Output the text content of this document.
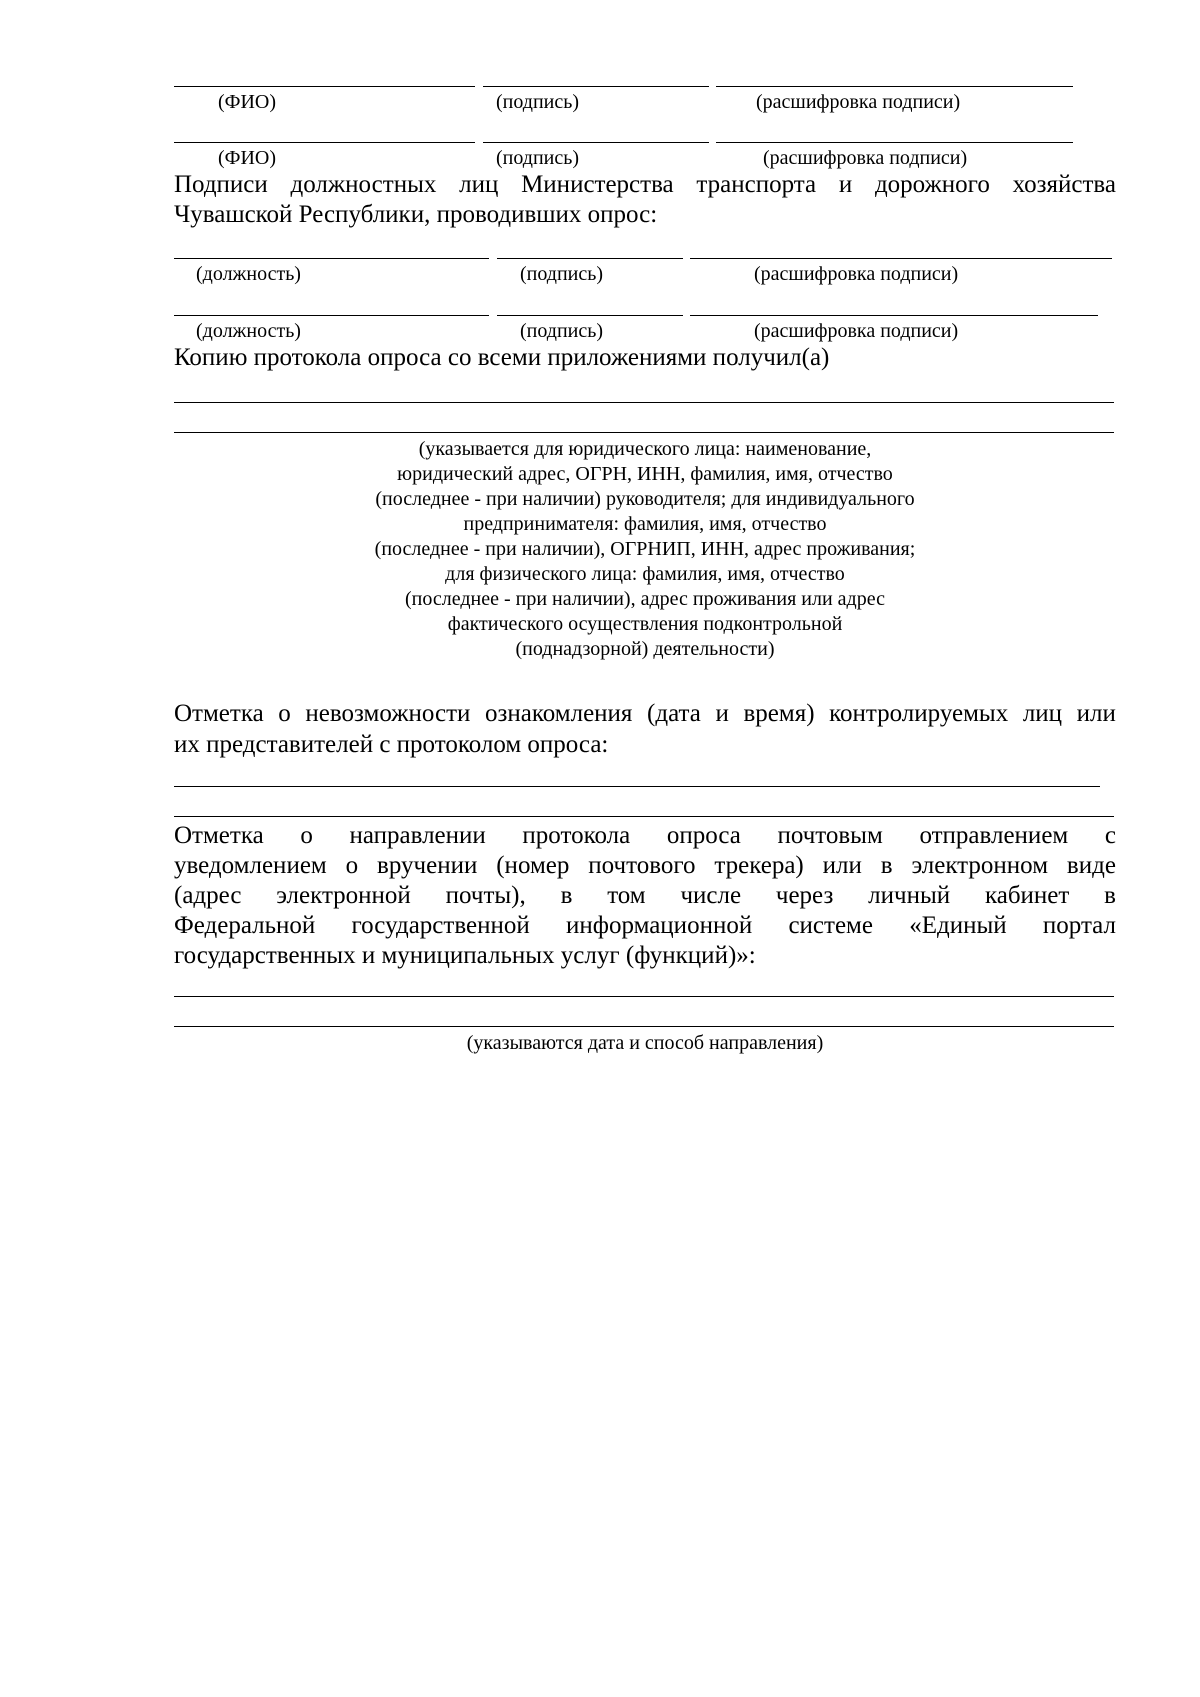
(ФИО)	(подпись)	(расшифровка подписи)
(ФИО)	(подпись)	(расшифровка подписи)
Подписи должностных лиц Министерства транспорта и дорожного хозяйства
Чувашской Республики, проводивших опрос:
(должность)	(подпись)	(расшифровка подписи)
(должность)	(подпись)	(расшифровка подписи)
Копию протокола опроса со всеми приложениями получил(а)
(указывается для юридического лица: наименование,
юридический адрес, ОГРН, ИНН, фамилия, имя, отчество
(последнее - при наличии) руководителя; для индивидуального
предпринимателя: фамилия, имя, отчество
(последнее - при наличии), ОГРНИП, ИНН, адрес проживания;
для физического лица: фамилия, имя, отчество
(последнее - при наличии), адрес проживания или адрес
фактического осуществления подконтрольной
(поднадзорной) деятельности)
Отметка о невозможности ознакомления (дата и время) контролируемых лиц или
их представителей с протоколом опроса:
Отметка о направлении протокола опроса почтовым отправлением с
уведомлением о вручении (номер почтового трекера) или в электронном виде
(адрес электронной почты), в том числе через личный кабинет в
Федеральной государственной информационной системе «Единый портал
государственных и муниципальных услуг (функций)»:
(указываются дата и способ направления)
